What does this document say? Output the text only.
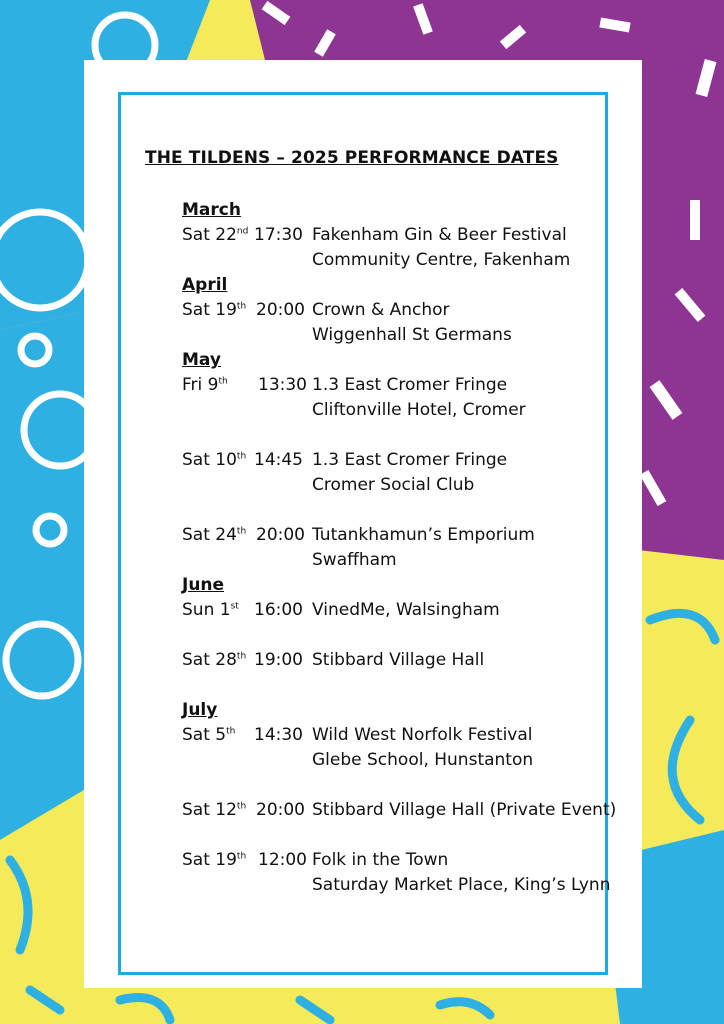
THE TILDENS – 2025 PERFORMANCE DATES
March
Sat 22nd 17:30 Fakenham Gin & Beer Festival
Community Centre, Fakenham
April
Sat 19th 20:00 Crown & Anchor
Wiggenhall St Germans
May
Fri 9th 13:30 1.3 East Cromer Fringe
Cliftonville Hotel, Cromer
Sat 10th 14:45 1.3 East Cromer Fringe
Cromer Social Club
Sat 24th 20:00 Tutankhamun’s Emporium
Swaffham
June
Sun 1st 16:00 VinedMe, Walsingham
Sat 28th 19:00 Stibbard Village Hall
July
Sat 5th 14:30 Wild West Norfolk Festival
Glebe School, Hunstanton
Sat 12th 20:00 Stibbard Village Hall (Private Event)
Sat 19th 12:00 Folk in the Town
Saturday Market Place, King’s Lynn
